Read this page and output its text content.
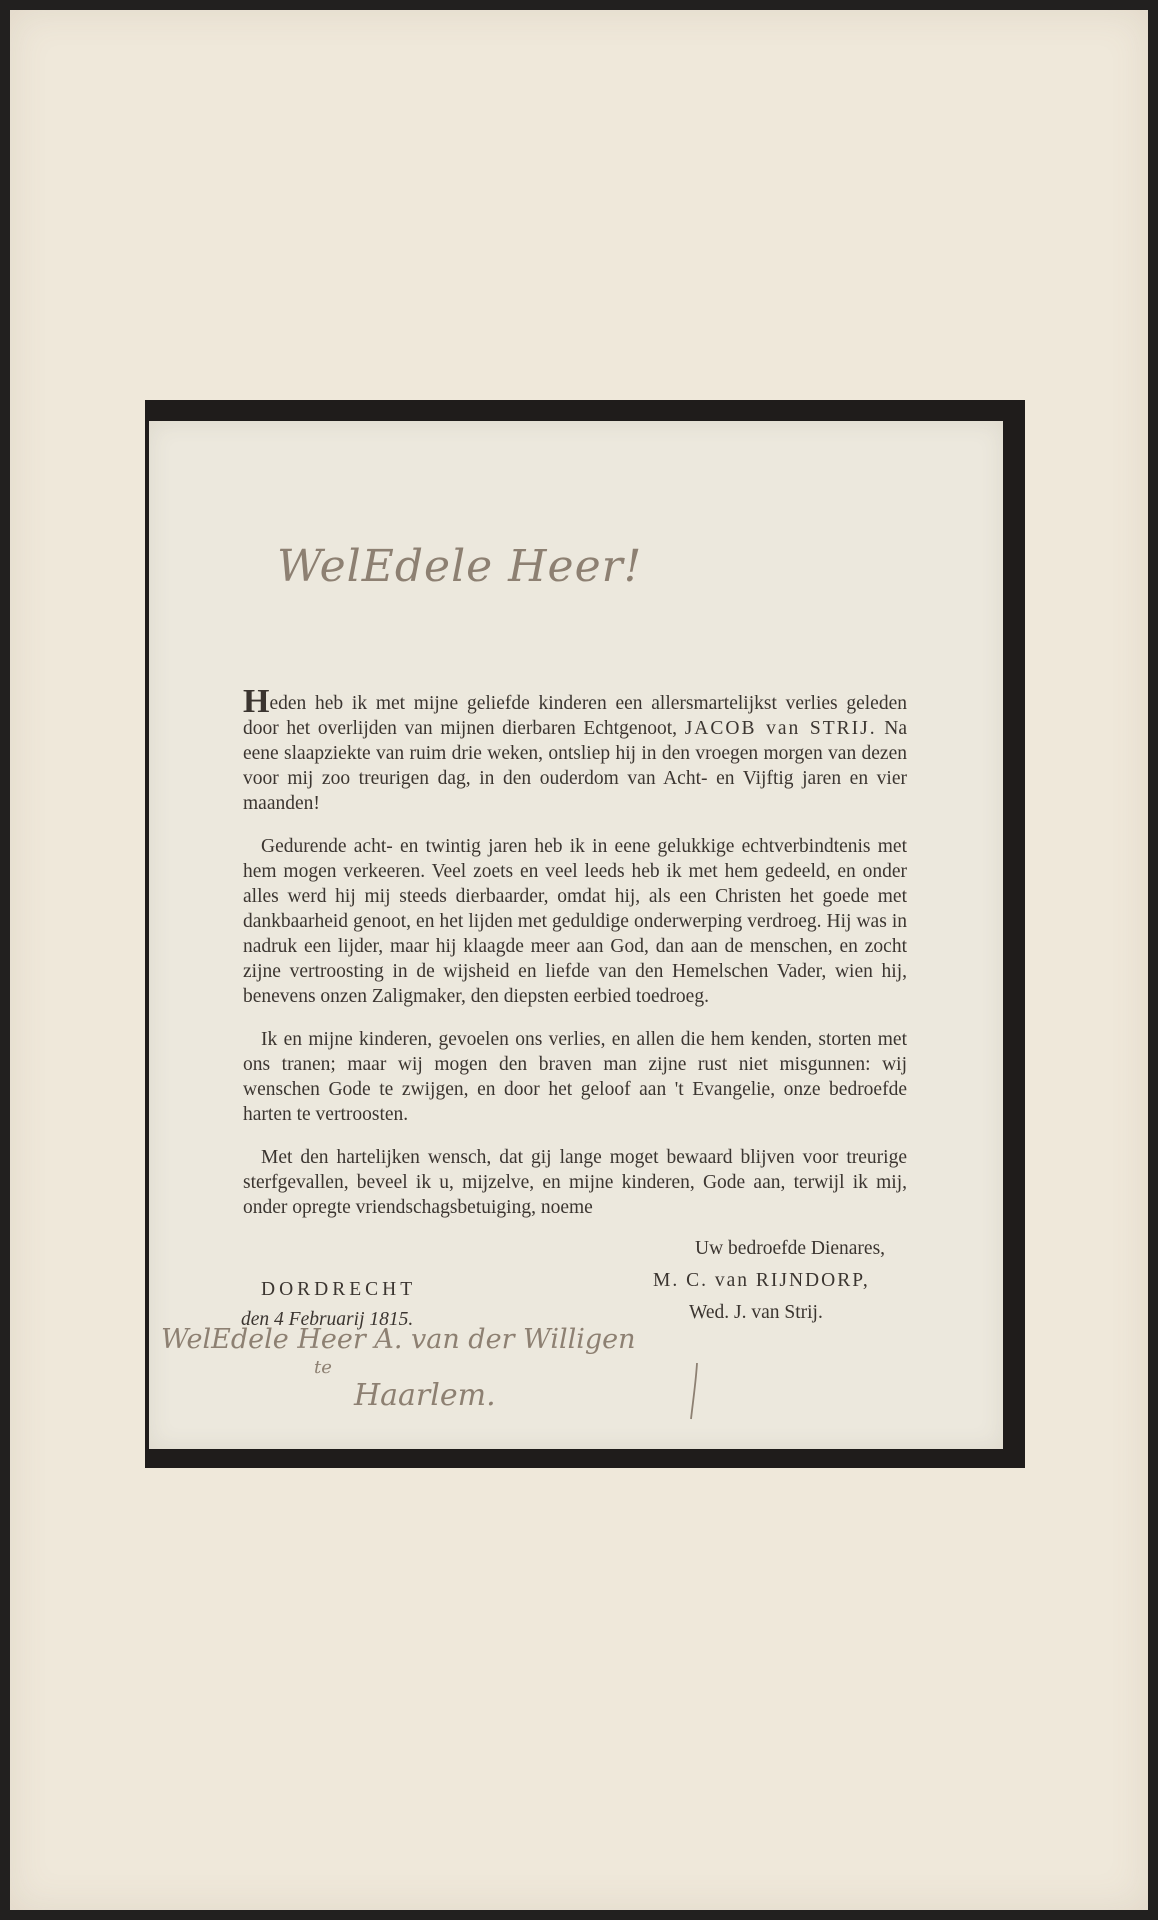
WelEdele Heer!

Heden heb ik met mijne geliefde kinderen een allersmartelijkst verlies geleden door het overlijden van mijnen dierbaren Echtgenoot, JACOB van STRIJ. Na eene slaapziekte van ruim drie weken, ontsliep hij in den vroegen morgen van dezen voor mij zoo treurigen dag, in den ouderdom van Acht- en Vijftig jaren en vier maanden!

Gedurende acht- en twintig jaren heb ik in eene gelukkige echtverbindtenis met hem mogen verkeeren. Veel zoets en veel leeds heb ik met hem gedeeld, en onder alles werd hij mij steeds dierbaarder, omdat hij, als een Christen het goede met dankbaarheid genoot, en het lijden met geduldige onderwerping verdroeg. Hij was in nadruk een lijder, maar hij klaagde meer aan God, dan aan de menschen, en zocht zijne vertroosting in de wijsheid en liefde van den Hemelschen Vader, wien hij, benevens onzen Zaligmaker, den diepsten eerbied toedroeg.

Ik en mijne kinderen, gevoelen ons verlies, en allen die hem kenden, storten met ons tranen; maar wij mogen den braven man zijne rust niet misgunnen: wij wenschen Gode te zwijgen, en door het geloof aan 't Evangelie, onze bedroefde harten te vertroosten.

Met den hartelijken wensch, dat gij lange moget bewaard blijven voor treurige sterfgevallen, beveel ik u, mijzelve, en mijne kinderen, Gode aan, terwijl ik mij, onder opregte vriendschagsbetuiging, noeme

DORDRECHT
den 4 Februarij 1815.
Uw bedroefde Dienares,
M. C. van RIJNDORP,
Wed. J. van Strij.
WelEdele Heer A. van der Willigen
te
Haarlem.
